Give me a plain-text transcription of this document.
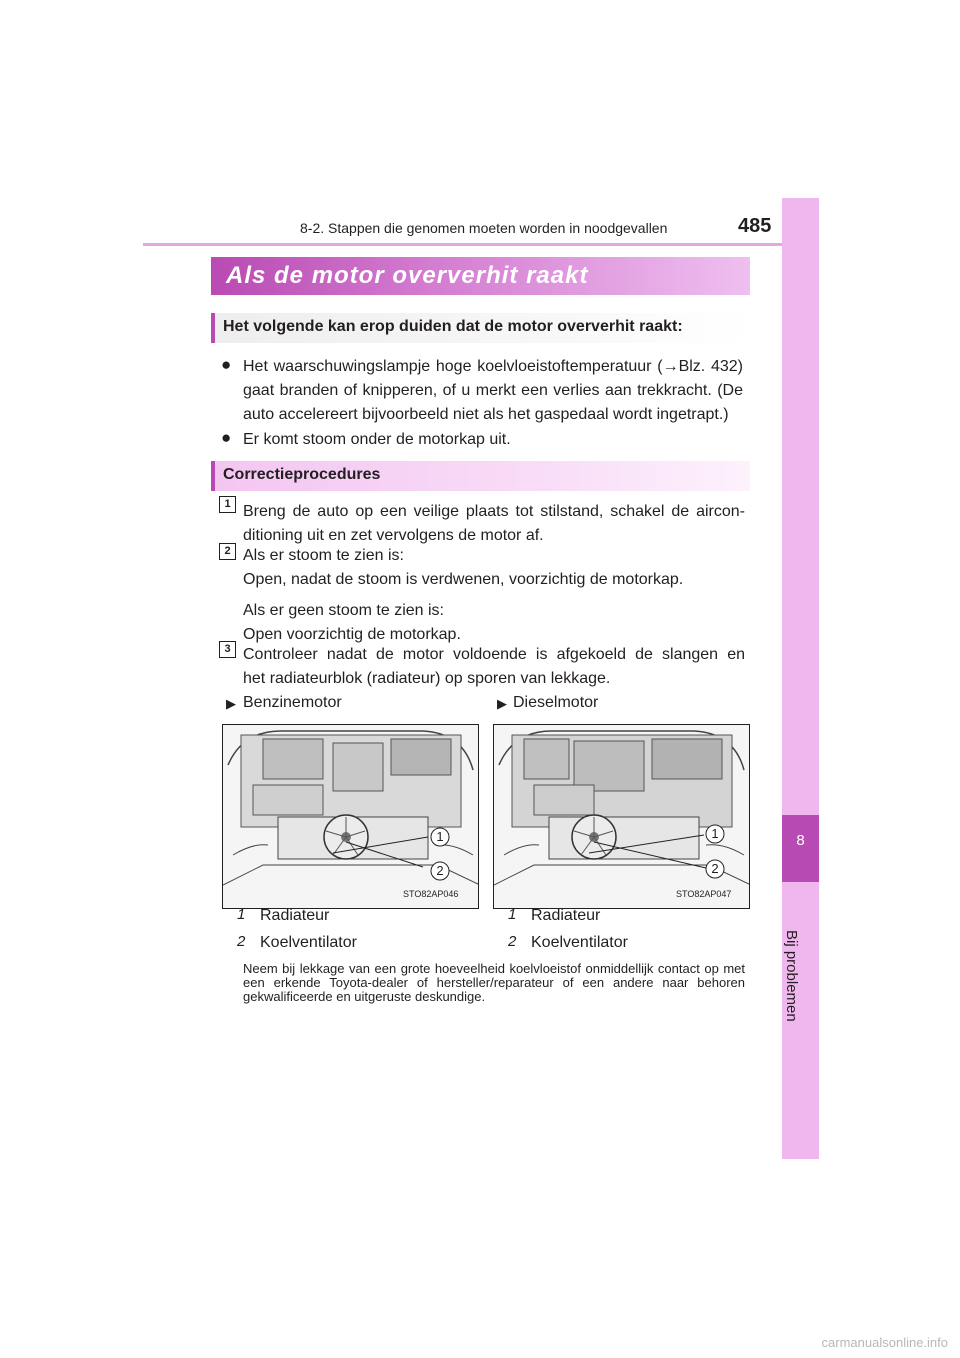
8-2. Stappen die genomen moeten worden in noodgevallen	485
8
Bij problemen
Als de motor oververhit raakt
Het volgende kan erop duiden dat de motor oververhit raakt:
● Het waarschuwingslampje hoge koelvloeistoftemperatuur (→Blz. 432) gaat branden of knipperen, of u merkt een verlies aan trekkracht. (De auto accelereert bijvoorbeeld niet als het gaspedaal wordt ingetrapt.)
● Er komt stoom onder de motorkap uit.
Correctieprocedures
1 Breng de auto op een veilige plaats tot stilstand, schakel de aircon-
ditioning uit en zet vervolgens de motor af.
2 Als er stoom te zien is:
Open, nadat de stoom is verdwenen, voorzichtig de motorkap.
Als er geen stoom te zien is:
Open voorzichtig de motorkap.
3 Controleer nadat de motor voldoende is afgekoeld de slangen en
het radiateurblok (radiateur) op sporen van lekkage.
▶ Benzinemotor	▶ Dieselmotor
1
2
STO82AP046
1
2
STO82AP047
1 Radiateur
2 Koelventilator
1 Radiateur
2 Koelventilator
Neem bij lekkage van een grote hoeveelheid koelvloeistof onmiddellijk contact op met een erkende Toyota-dealer of hersteller/reparateur of een andere naar behoren gekwalificeerde en uitgeruste deskundige.
carmanualsonline.info
